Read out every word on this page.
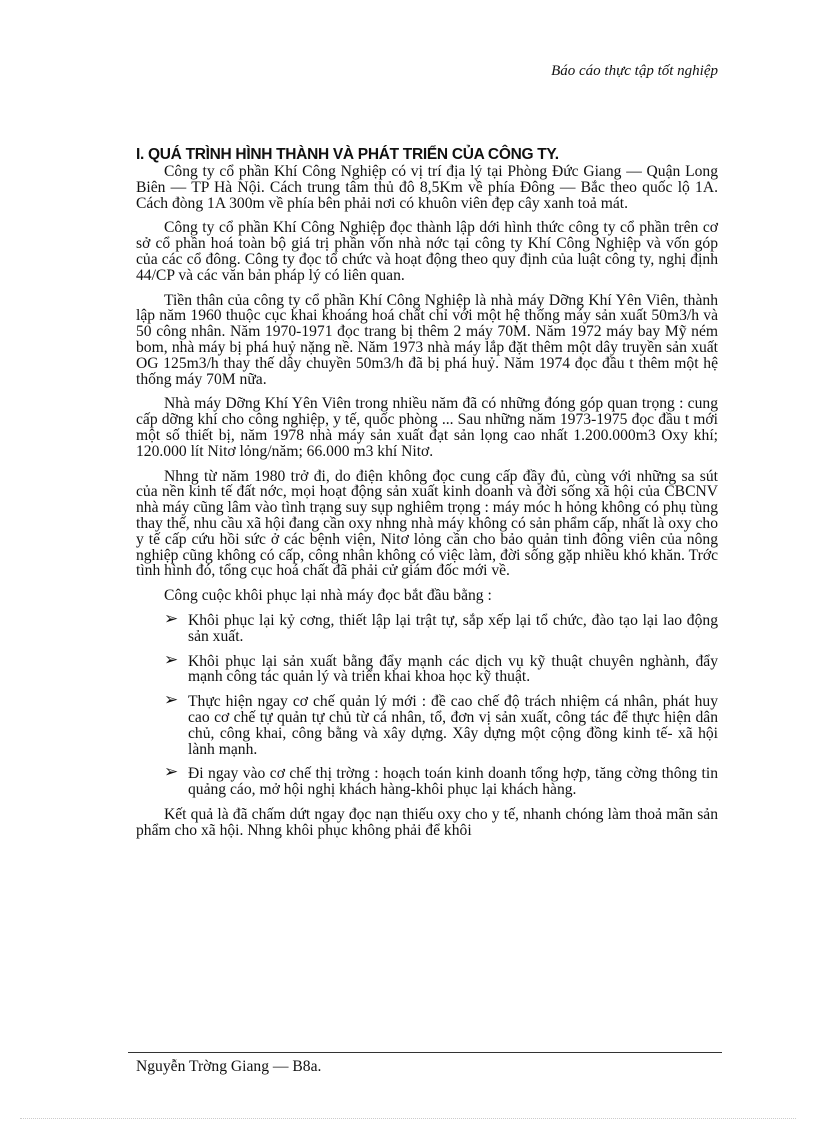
Báo cáo thực tập tốt nghiệp
I. QUÁ TRÌNH HÌNH THÀNH VÀ PHÁT TRIỂN CỦA CÔNG TY.

Công ty cổ phần Khí Công Nghiệp có vị trí địa lý tại Phòng Đức Giang — Quận Long Biên — TP Hà Nội. Cách trung tâm thủ đô 8,5Km về phía Đông — Bắc theo quốc lộ 1A. Cách đòng 1A 300m về phía bên phải nơi có khuôn viên đẹp cây xanh toả mát.

Công ty cổ phần Khí Công Nghiệp đọc thành lập dới hình thức công ty cổ phần trên cơ sở cổ phần hoá toàn bộ giá trị phần vốn nhà nớc tại công ty Khí Công Nghiệp và vốn góp của các cổ đông. Công ty đọc tổ chức và hoạt động theo quy định của luật công ty, nghị định 44/CP và các văn bản pháp lý có liên quan.

Tiền thân của công ty cổ phần Khí Công Nghiệp là nhà máy Dỡng Khí Yên Viên, thành lập năm 1960 thuộc cục khai khoáng hoá chất chỉ với một hệ thống máy sản xuất 50m3/h và 50 công nhân. Năm 1970-1971 đọc trang bị thêm 2 máy 70M. Năm 1972 máy bay Mỹ ném bom, nhà máy bị phá huỷ nặng nề. Năm 1973 nhà máy lắp đặt thêm một dây truyền sản xuất OG 125m3/h thay thế dây chuyền 50m3/h đã bị phá huỷ. Năm 1974 đọc đầu t thêm một hệ thống máy 70M nữa.

Nhà máy Dỡng Khí Yên Viên trong nhiều năm đã có những đóng góp quan trọng : cung cấp dỡng khí cho công nghiệp, y tế, quốc phòng ... Sau những năm 1973-1975 đọc đầu t mới một số thiết bị, năm 1978 nhà máy sản xuất đạt sản lọng cao nhất 1.200.000m3 Oxy khí; 120.000 lít Nitơ lỏng/năm; 66.000 m3 khí Nitơ.

Nhng từ năm 1980 trở đi, do điện không đọc cung cấp đầy đủ, cùng với những sa sút của nền kinh tế đất nớc, mọi hoạt động sản xuất kinh doanh và đời sống xã hội của CBCNV nhà máy cũng lâm vào tình trạng suy sụp nghiêm trọng : máy móc h hỏng không có phụ tùng thay thế, nhu cầu xã hội đang cần oxy nhng nhà máy không có sản phẩm cấp, nhất là oxy cho y tế cấp cứu hồi sức ở các bệnh viện, Nitơ lỏng cần cho bảo quản tinh đông viên của nông nghiệp cũng không có cấp, công nhân không có việc làm, đời sống gặp nhiều khó khăn. Trớc tình hình đó, tổng cục hoá chất đã phải cử giám đốc mới về.

Công cuộc khôi phục lại nhà máy đọc bắt đầu bằng :

➢ Khôi phục lại kỷ cơng, thiết lập lại trật tự, sắp xếp lại tổ chức, đào tạo lại lao động sản xuất.
➢ Khôi phục lại sản xuất bằng đẩy mạnh các dịch vụ kỹ thuật chuyên nghành, đẩy mạnh công tác quản lý và triển khai khoa học kỹ thuật.
➢ Thực hiện ngay cơ chế quản lý mới : đề cao chế độ trách nhiệm cá nhân, phát huy cao cơ chế tự quản tự chủ từ cá nhân, tổ, đơn vị sản xuất, công tác để thực hiện dân chủ, công khai, công bằng và xây dựng. Xây dựng một cộng đồng kinh tế- xã hội lành mạnh.
➢ Đi ngay vào cơ chế thị trờng : hoạch toán kinh doanh tổng hợp, tăng cờng thông tin quảng cáo, mở hội nghị khách hàng-khôi phục lại khách hàng.

Kết quả là đã chấm dứt ngay đọc nạn thiếu oxy cho y tế, nhanh chóng làm thoả mãn sản phẩm cho xã hội. Nhng khôi phục không phải để khôi

Nguyễn Trờng Giang — B8a.
